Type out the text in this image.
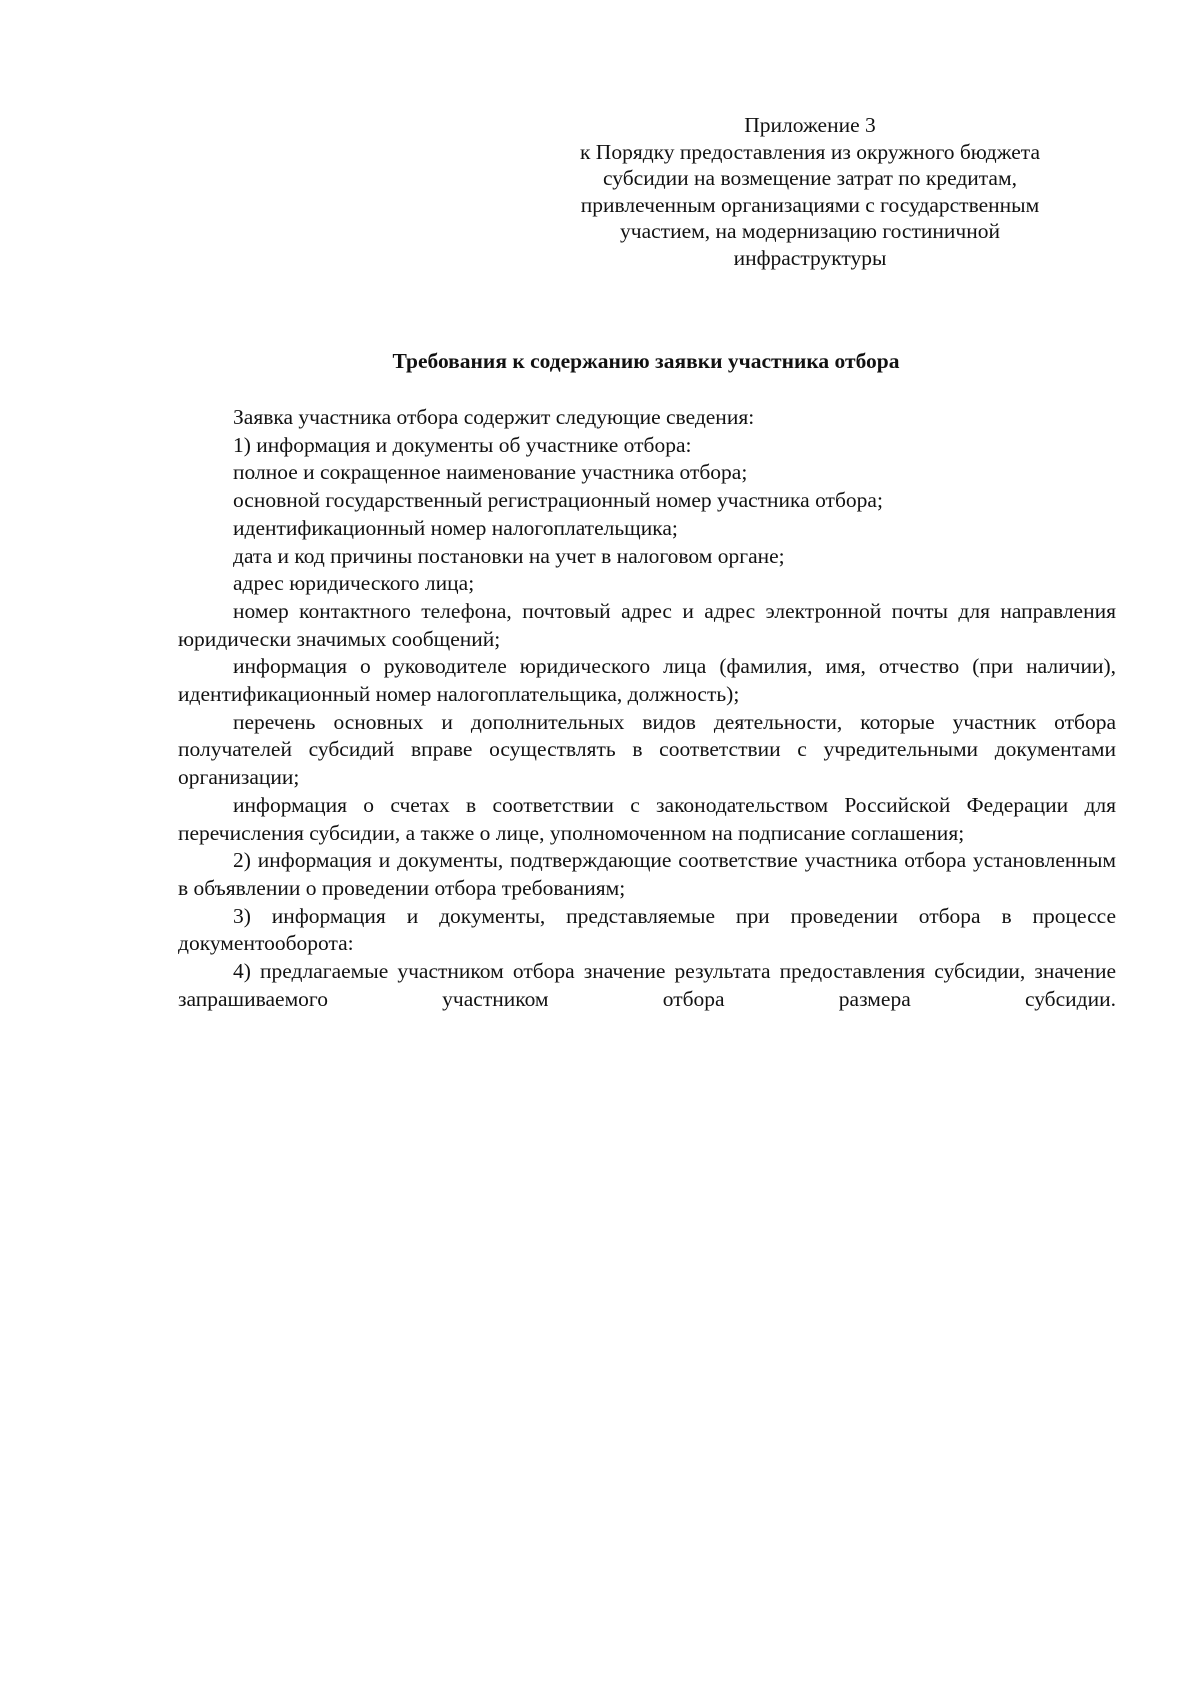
Приложение 3
к Порядку предоставления из окружного бюджета
субсидии на возмещение затрат по кредитам,
привлеченным организациями с государственным
участием, на модернизацию гостиничной
инфраструктуры
Требования к содержанию заявки участника отбора

Заявка участника отбора содержит следующие сведения:

1) информация и документы об участнике отбора:

полное и сокращенное наименование участника отбора;

основной государственный регистрационный номер участника отбора;

идентификационный номер налогоплательщика;

дата и код причины постановки на учет в налоговом органе;

адрес юридического лица;

номер контактного телефона, почтовый адрес и адрес электронной почты для направления юридически значимых сообщений;

информация о руководителе юридического лица (фамилия, имя, отчество (при наличии), идентификационный номер налогоплательщика, должность);

перечень основных и дополнительных видов деятельности, которые участник отбора получателей субсидий вправе осуществлять в соответствии с учредительными документами организации;

информация о счетах в соответствии с законодательством Российской Федерации для перечисления субсидии, а также о лице, уполномоченном на подписание соглашения;

2) информация и документы, подтверждающие соответствие участника отбора установленным в объявлении о проведении отбора требованиям;

3) информация и документы, представляемые при проведении отбора в процессе документооборота:

4) предлагаемые участником отбора значение результата предоставления субсидии, значение запрашиваемого участником отбора размера субсидии.
